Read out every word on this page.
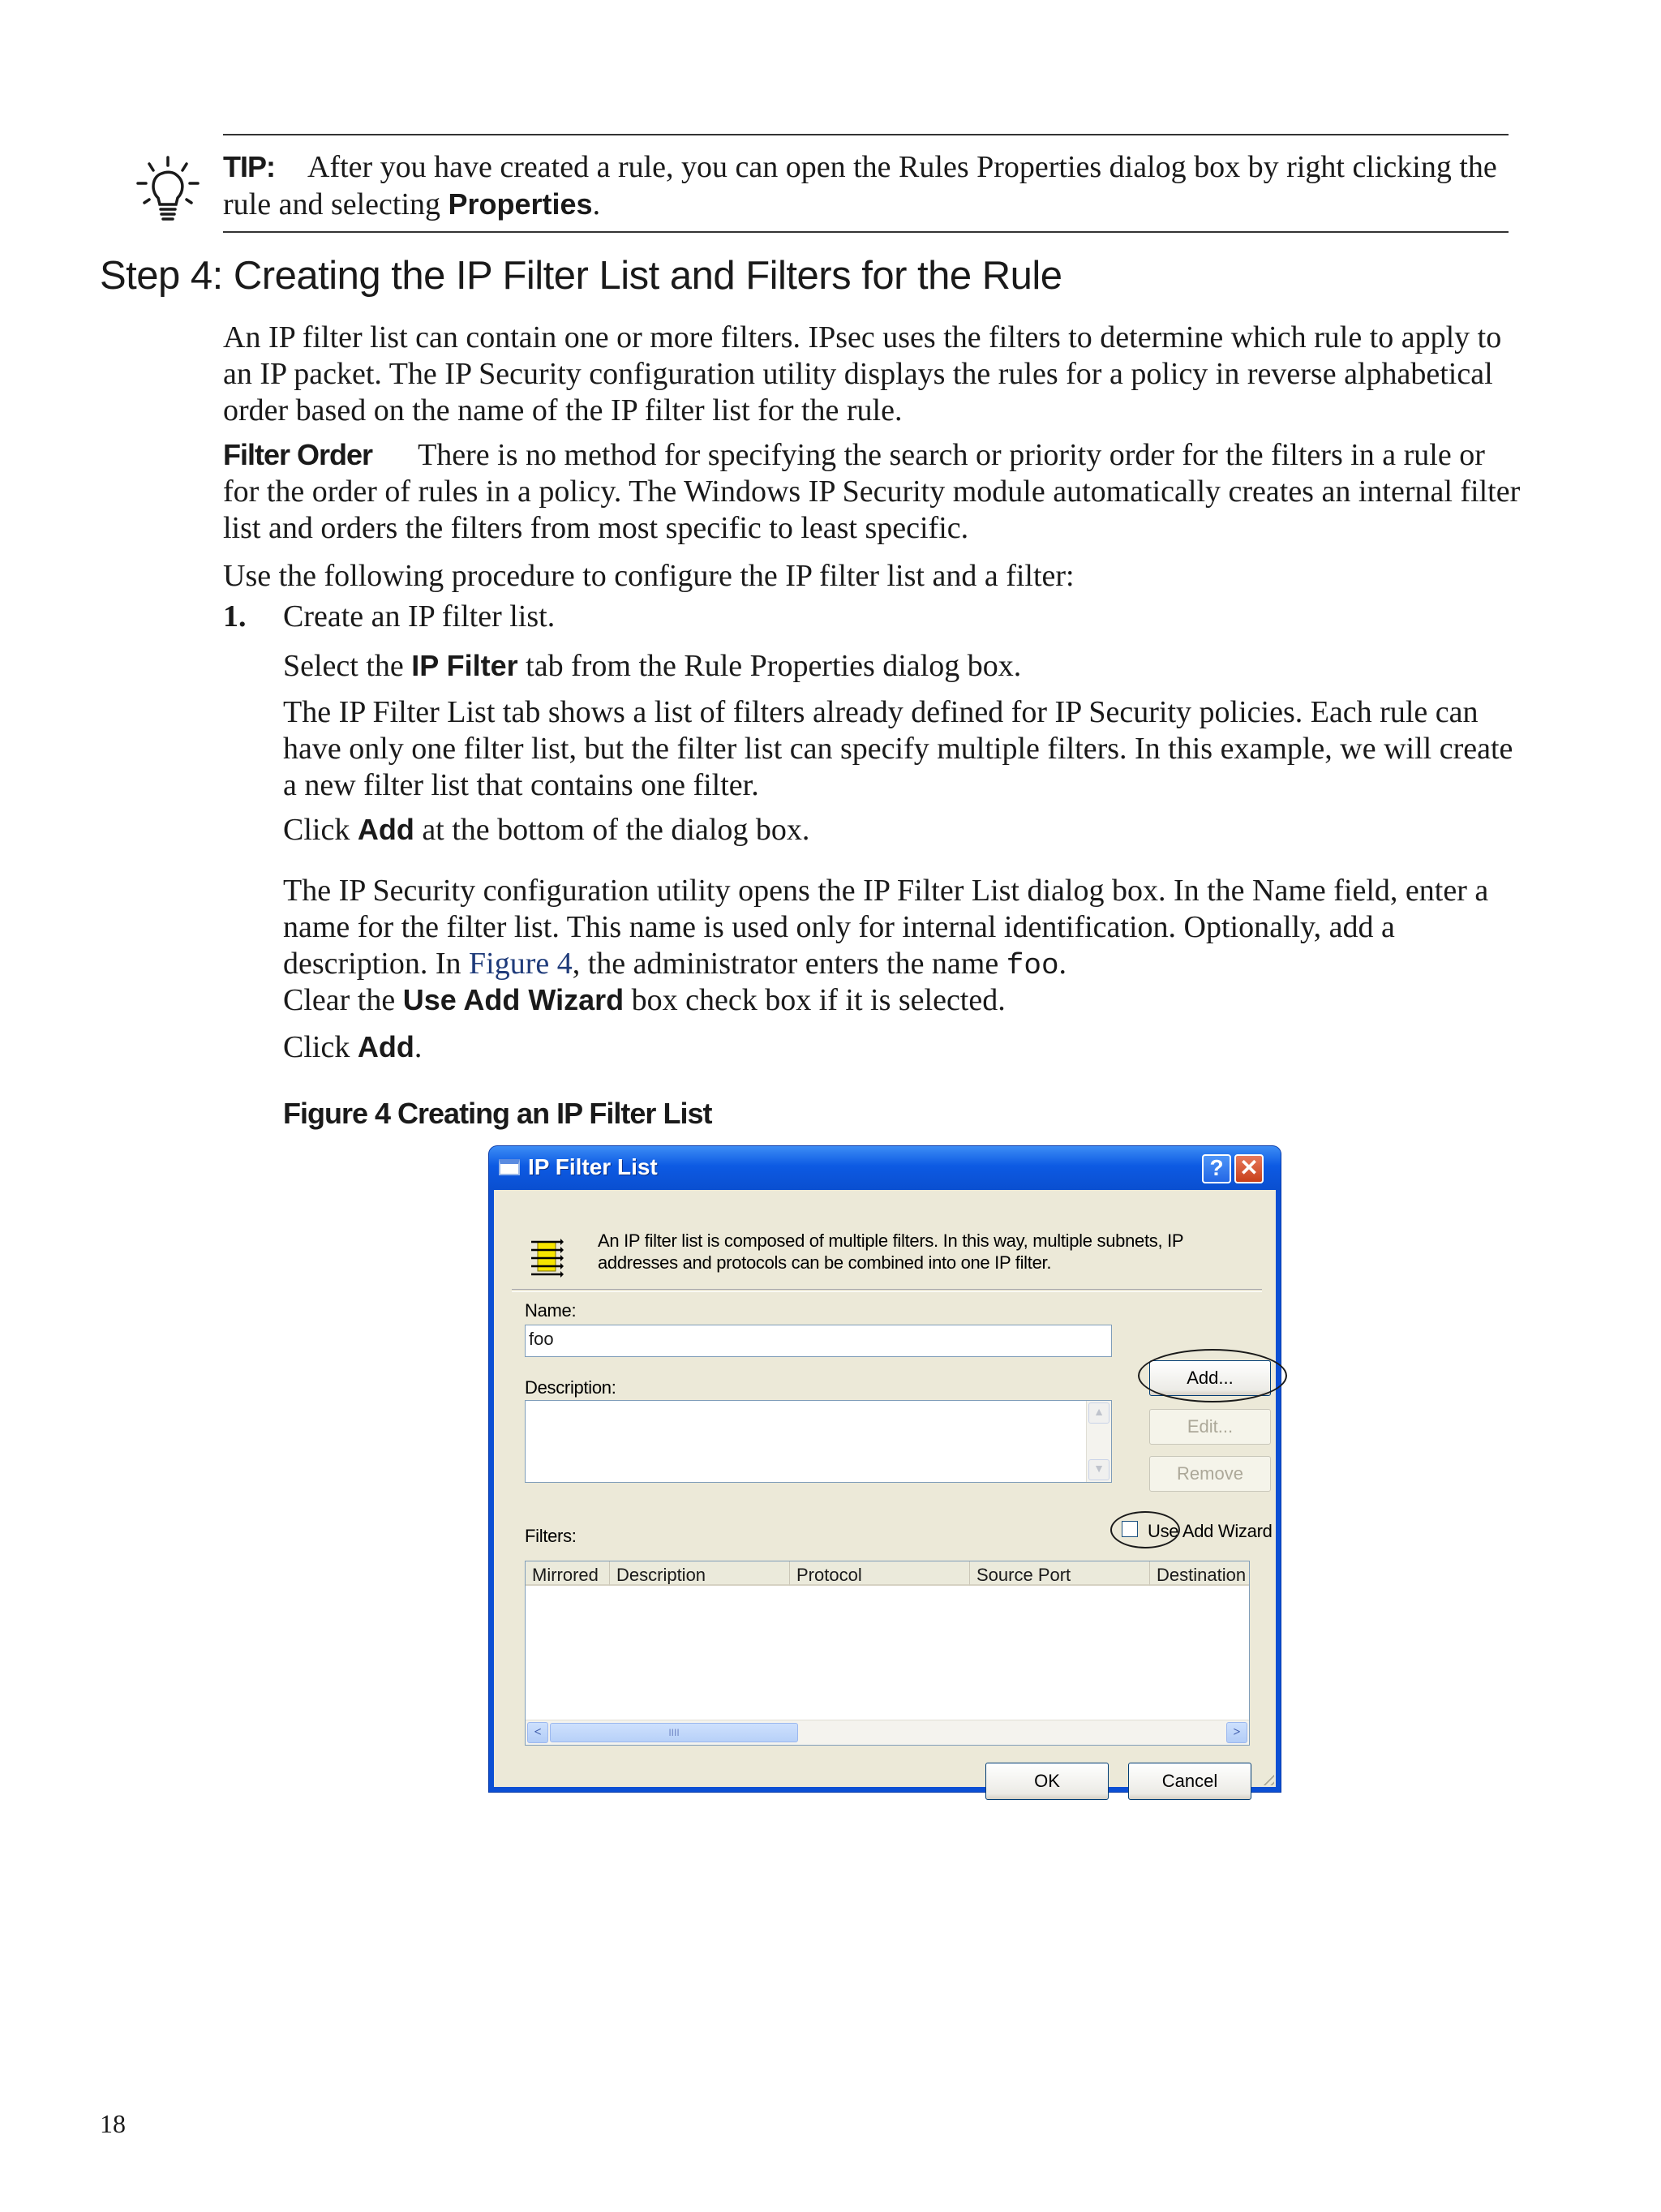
TIP: After you have created a rule, you can open the Rules Properties dialog box by right clicking the rule and selecting Properties.
Step 4: Creating the IP Filter List and Filters for the Rule

An IP filter list can contain one or more filters. IPsec uses the filters to determine which rule to apply to an IP packet. The IP Security configuration utility displays the rules for a policy in reverse alphabetical order based on the name of the IP filter list for the rule.

Filter Order There is no method for specifying the search or priority order for the filters in a rule or for the order of rules in a policy. The Windows IP Security module automatically creates an internal filter list and orders the filters from most specific to least specific.

Use the following procedure to configure the IP filter list and a filter:

1. Create an IP filter list.

Select the IP Filter tab from the Rule Properties dialog box.

The IP Filter List tab shows a list of filters already defined for IP Security policies. Each rule can have only one filter list, but the filter list can specify multiple filters. In this example, we will create a new filter list that contains one filter.

Click Add at the bottom of the dialog box.

The IP Security configuration utility opens the IP Filter List dialog box. In the Name field, enter a name for the filter list. This name is used only for internal identification. Optionally, add a description. In Figure 4, the administrator enters the name foo.

Clear the Use Add Wizard box check box if it is selected.

Click Add.

Figure 4 Creating an IP Filter List
IP Filter List	? ✕
An IP filter list is composed of multiple filters. In this way, multiple subnets, IP
addresses and protocols can be combined into one IP filter.
Name:
foo
Description:
▲
▼
Add...
Edit...
Remove
Filters:	Use Add Wizard
Mirrored	Description	Protocol	Source Port	Destination
<	IIII	>
OK	Cancel
18
